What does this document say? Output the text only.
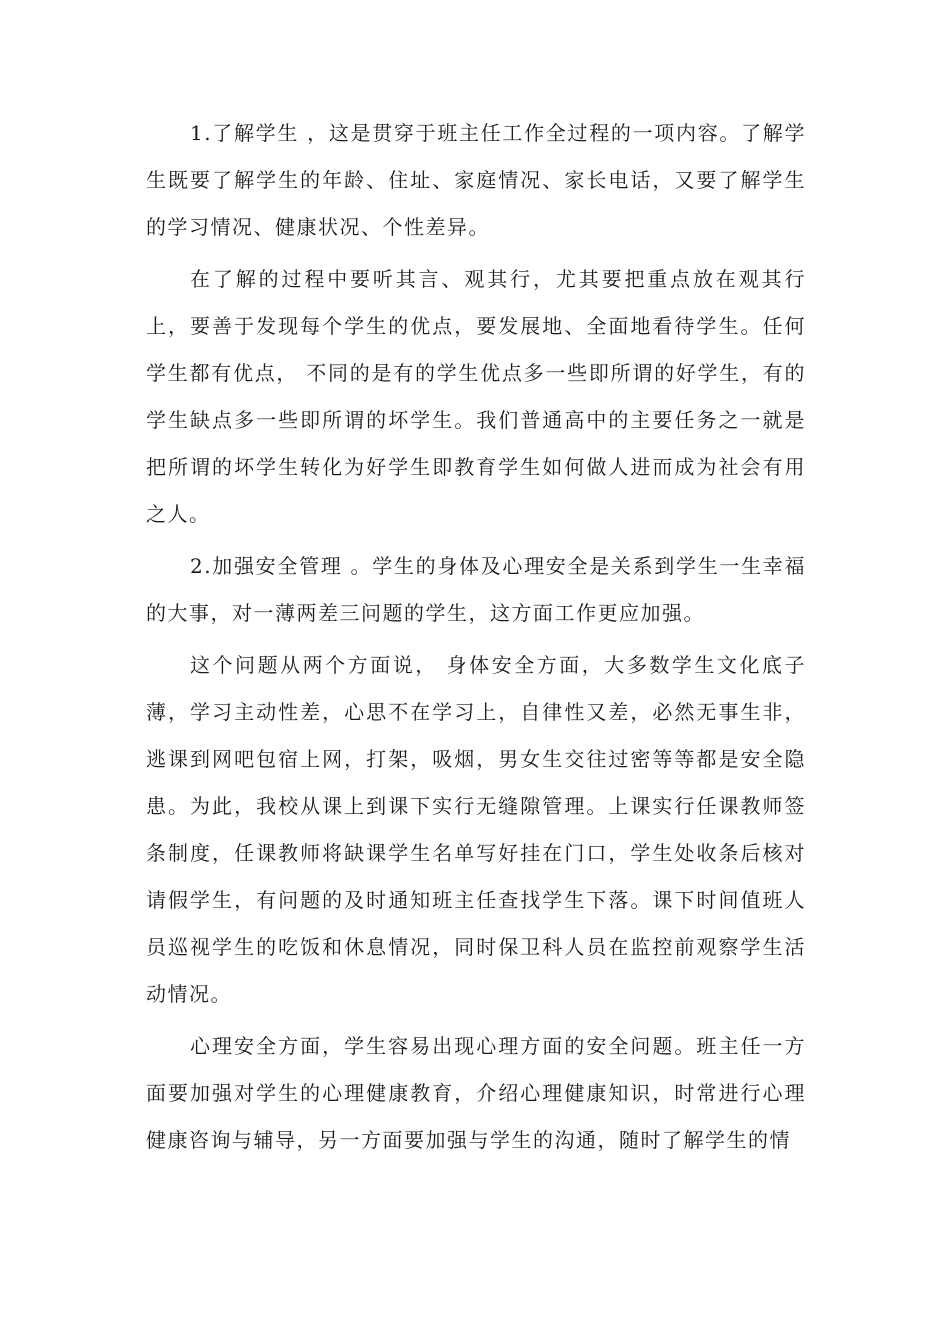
1.了解学生 ，这是贯穿于班主任工作全过程的一项内容。了解学生既要了解学生的年龄、住址、家庭情况、家长电话，又要了解学生的学习情况、健康状况、个性差异。

在了解的过程中要听其言、观其行，尤其要把重点放在观其行上，要善于发现每个学生的优点，要发展地、全面地看待学生。任何学生都有优点， 不同的是有的学生优点多一些即所谓的好学生，有的学生缺点多一些即所谓的坏学生。我们普通高中的主要任务之一就是把所谓的坏学生转化为好学生即教育学生如何做人进而成为社会有用之人。

2.加强安全管理 。学生的身体及心理安全是关系到学生一生幸福的大事，对一薄两差三问题的学生，这方面工作更应加强。

这个问题从两个方面说， 身体安全方面，大多数学生文化底子薄，学习主动性差，心思不在学习上，自律性又差，必然无事生非，逃课到网吧包宿上网，打架，吸烟，男女生交往过密等等都是安全隐患。为此，我校从课上到课下实行无缝隙管理。上课实行任课教师签条制度，任课教师将缺课学生名单写好挂在门口，学生处收条后核对请假学生，有问题的及时通知班主任查找学生下落。课下时间值班人员巡视学生的吃饭和休息情况，同时保卫科人员在监控前观察学生活动情况。

心理安全方面，学生容易出现心理方面的安全问题。班主任一方面要加强对学生的心理健康教育，介绍心理健康知识，时常进行心理健康咨询与辅导，另一方面要加强与学生的沟通，随时了解学生的情
